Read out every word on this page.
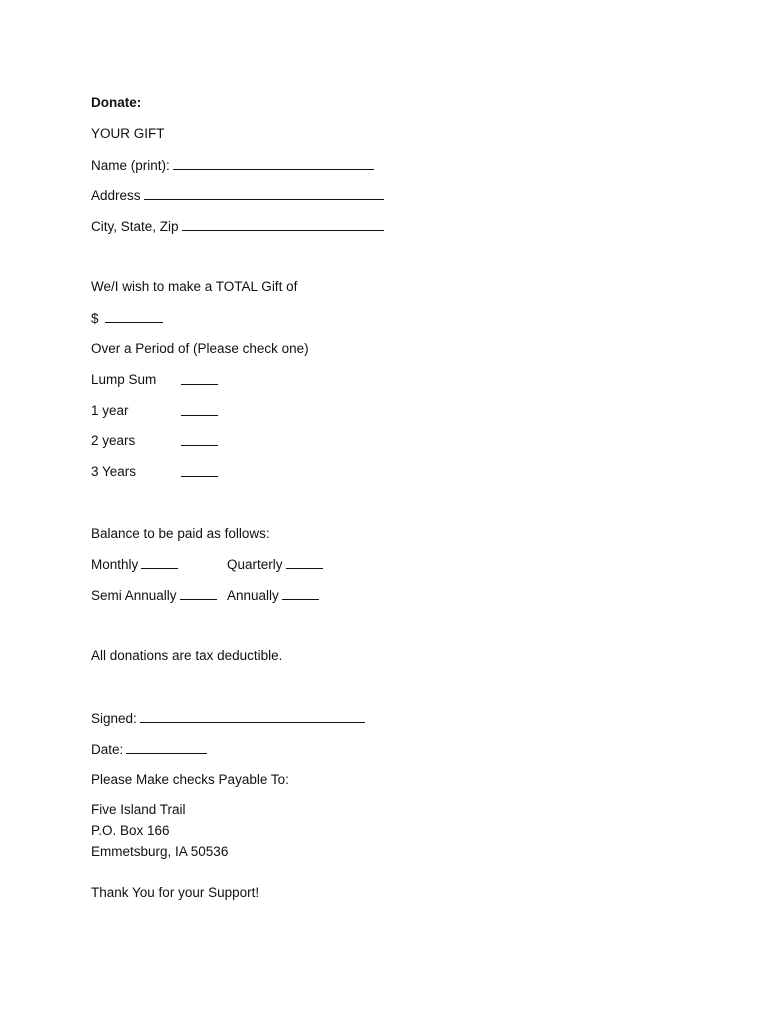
Donate:
YOUR GIFT
Name (print):
Address
City, State, Zip
We/I wish to make a TOTAL Gift of
$
Over a Period of (Please check one)
Lump Sum
1 year
2 years
3 Years
Balance to be paid as follows:
Monthly	Quarterly
Semi Annually	Annually
All donations are tax deductible.
Signed:
Date:
Please Make checks Payable To:
Five Island Trail
P.O. Box 166
Emmetsburg, IA 50536
Thank You for your Support!
